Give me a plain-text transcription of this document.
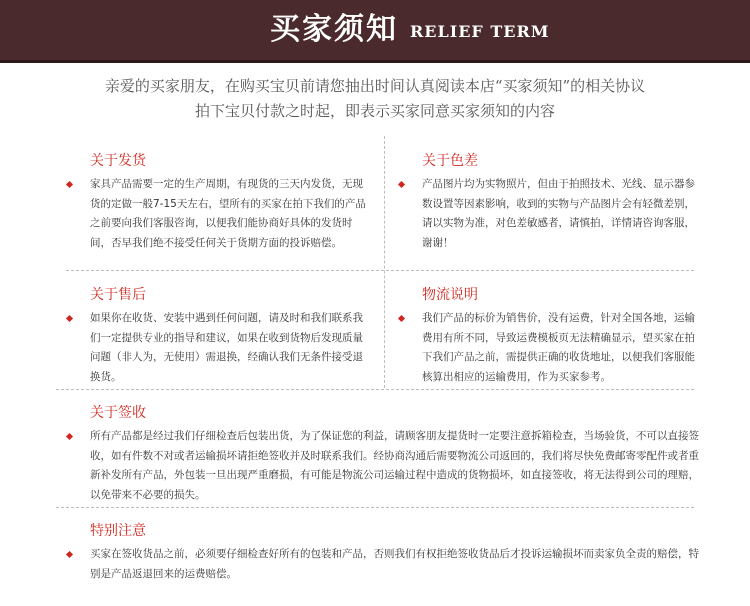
买家须知 RELIEF TERM
亲爱的买家朋友，在购买宝贝前请您抽出时间认真阅读本店“买家须知”的相关协议
拍下宝贝付款之时起，即表示买家同意买家须知的内容
关于发货
家具产品需要一定的生产周期，有现货的三天内发货，无现货的定做一般7-15天左右，望所有的买家在拍下我们的产品之前要向我们客服咨询，以便我们能协商好具体的发货时间，否早我们绝不接受任何关于货期方面的投诉赔偿。
关于色差
产品图片均为实物照片，但由于拍照技术、光线、显示器参数设置等因素影响，收到的实物与产品图片会有轻微差别，请以实物为准，对色差敏感者，请慎拍，详情请咨询客服，谢谢！
关于售后
如果你在收货、安装中遇到任何问题，请及时和我们联系我们一定提供专业的指导和建议，如果在收到货物后发现质量问题（非人为，无使用）需退换，经确认我们无条件接受退换货。
物流说明
我们产品的标价为销售价，没有运费，针对全国各地，运输费用有所不同，导致运费模板页无法精确显示，望买家在拍下我们产品之前，需提供正确的收货地址，以便我们客服能核算出相应的运输费用，作为买家参考。
关于签收
所有产品都是经过我们仔细检查后包装出货，为了保证您的利益，请顾客朋友提货时一定要注意拆箱检查，当场验货，不可以直接签收，如有件数不对或者运输损坏请拒绝签收并及时联系我们。经协商沟通后需要物流公司返回的，我们将尽快免费邮寄零配件或者重新补发所有产品，外包装一旦出现严重磨损，有可能是物流公司运输过程中造成的货物损坏，如直接签收，将无法得到公司的理赔，以免带来不必要的损失。
特别注意
买家在签收货品之前，必须要仔细检查好所有的包装和产品，否则我们有权拒绝签收货品后才投诉运输损坏而卖家负全责的赔偿，特别是产品返退回来的运费赔偿。
